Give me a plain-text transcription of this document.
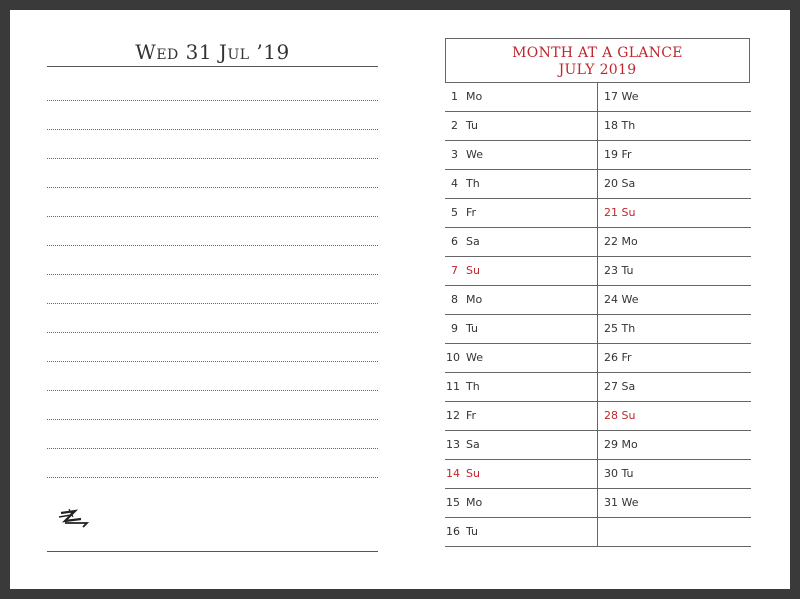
Wed 31 Jul ’19	MONTH AT A GLANCE
JULY 2019
1 Mo	17 We
2 Tu	18 Th
3 We	19 Fr
4 Th	20 Sa
5 Fr	21 Su
6 Sa	22 Mo
7 Su	23 Tu
8 Mo	24 We
9 Tu	25 Th
10 We	26 Fr
11 Th	27 Sa
12 Fr	28 Su
13 Sa	29 Mo
14 Su	30 Tu
15 Mo	31 We
16 Tu
